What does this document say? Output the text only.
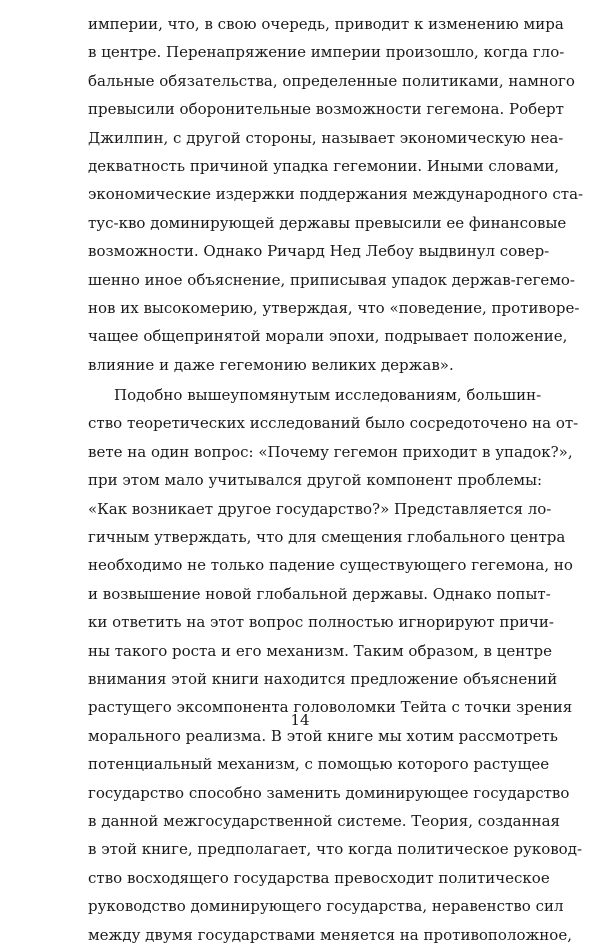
империи, что, в свою очередь, приводит к изменению мира
в центре. Перенапряжение империи произошло, когда гло-
бальные обязательства, определенные политиками, намного
превысили оборонительные возможности гегемона. Роберт
Джилпин, с другой стороны, называет экономическую неа-
декватность причиной упадка гегемонии. Иными словами,
экономические издержки поддержания международного ста-
тус-кво доминирующей державы превысили ее финансовые
возможности. Однако Ричард Нед Лебоу выдвинул совер-
шенно иное объяснение, приписывая упадок держав-гегемо-
нов их высокомерию, утверждая, что «поведение, противоре-
чащее общепринятой морали эпохи, подрывает положение,
влияние и даже гегемонию великих держав».
Подобно вышеупомянутым исследованиям, большин-
ство теоретических исследований было сосредоточено на от-
вете на один вопрос: «Почему гегемон приходит в упадок?»,
при этом мало учитывался другой компонент проблемы:
«Как возникает другое государство?» Представляется ло-
гичным утверждать, что для смещения глобального центра
необходимо не только падение существующего гегемона, но
и возвышение новой глобальной державы. Однако попыт-
ки ответить на этот вопрос полностью игнорируют причи-
ны такого роста и его механизм. Таким образом, в центре
внимания этой книги находится предложение объяснений
растущего эксомпонента головоломки Тейта с точки зрения
морального реализма. В этой книге мы хотим рассмотреть
потенциальный механизм, с помощью которого растущее
государство способно заменить доминирующее государство
в данной межгосударственной системе. Теория, созданная
в этой книге, предполагает, что когда политическое руковод-
ство восходящего государства превосходит политическое
руководство доминирующего государства, неравенство сил
между двумя государствами меняется на противоположное,
14
